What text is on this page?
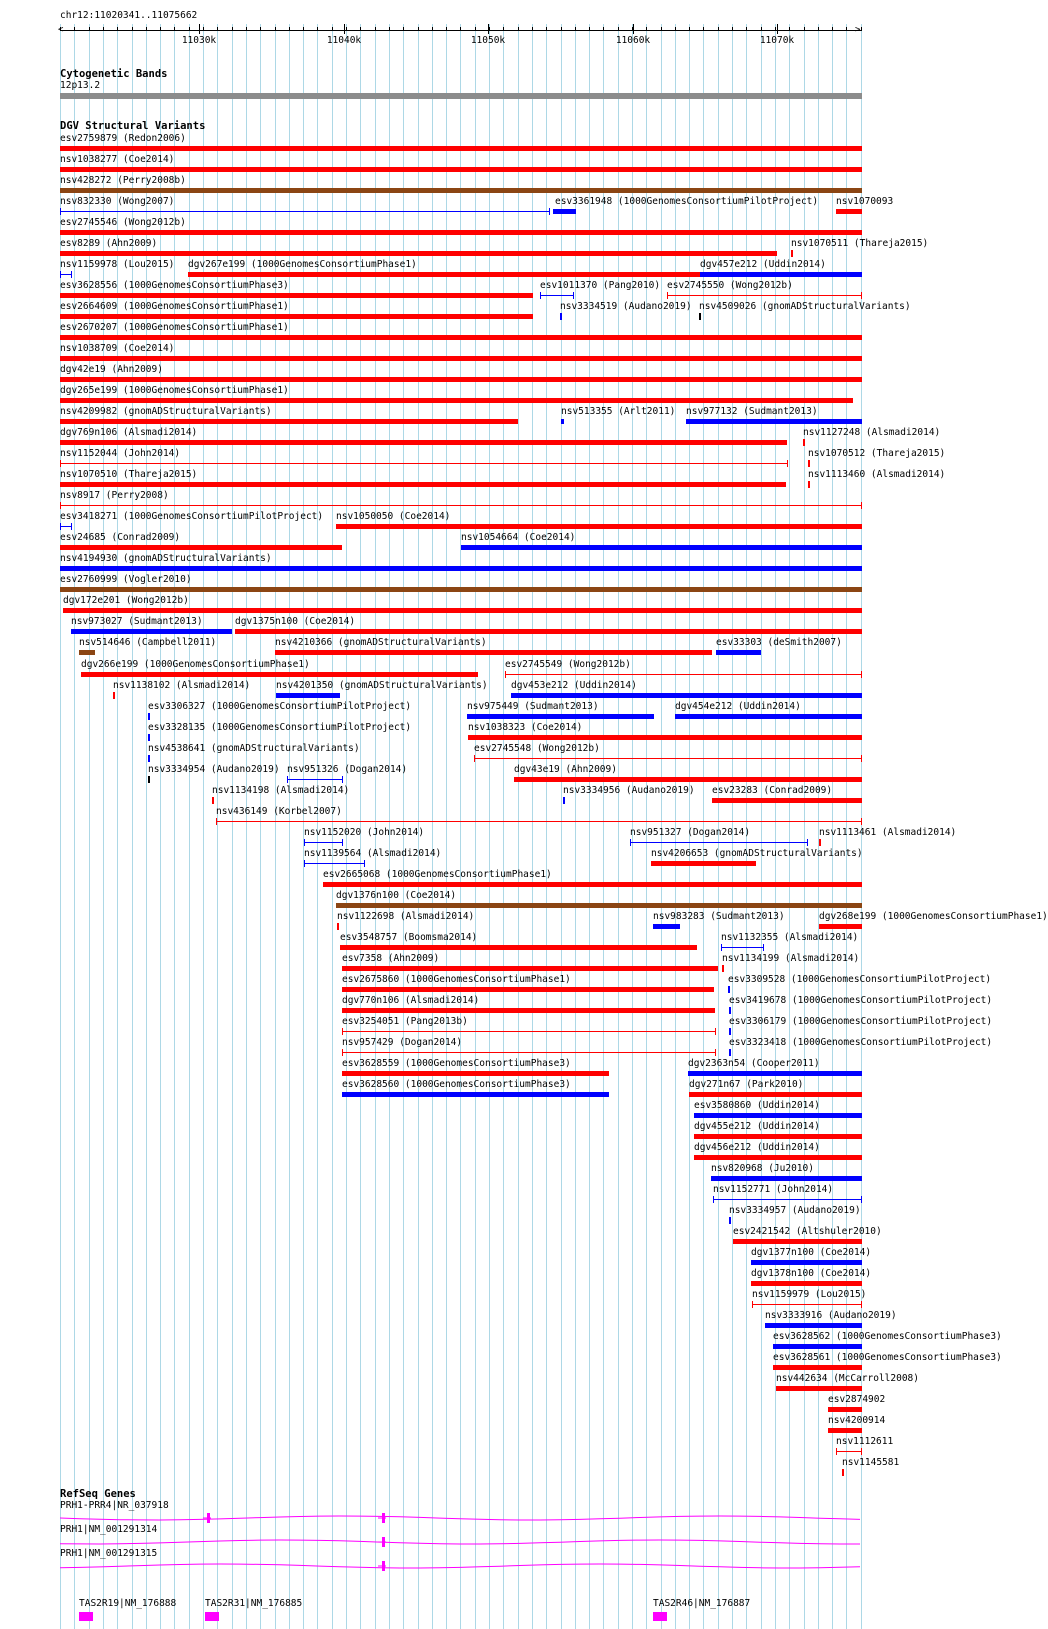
chr12:11020341..11075662
11030k	11040k	11050k	11060k	11070k
<	>
Cytogenetic Bands
12p13.2
DGV Structural Variants
esv2759879 (Redon2006)
nsv1038277 (Coe2014)
nsv428272 (Perry2008b)
nsv832330 (Wong2007)	esv3361948 (1000GenomesConsortiumPilotProject) nsv1070093
esv2745546 (Wong2012b)
esv8289 (Ahn2009)	nsv1070511 (Thareja2015)
nsv1159978 (Lou2015) dgv267e199 (1000GenomesConsortiumPhase1)	dgv457e212 (Uddin2014)
esv3628556 (1000GenomesConsortiumPhase3)	esv1011370 (Pang2010) esv2745550 (Wong2012b)
esv2664609 (1000GenomesConsortiumPhase1)	nsv3334519 (Audano2019) nsv4509026 (gnomADStructuralVariants)
esv2670207 (1000GenomesConsortiumPhase1)
nsv1038709 (Coe2014)
dgv42e19 (Ahn2009)
dgv265e199 (1000GenomesConsortiumPhase1)
nsv4209982 (gnomADStructuralVariants)	nsv513355 (Arlt2011) nsv977132 (Sudmant2013)
dgv769n106 (Alsmadi2014)	nsv1127248 (Alsmadi2014)
nsv1152044 (John2014)	nsv1070512 (Thareja2015)
nsv1070510 (Thareja2015)	nsv1113460 (Alsmadi2014)
nsv8917 (Perry2008)
esv3418271 (1000GenomesConsortiumPilotProject) nsv1050050 (Coe2014)
esv24685 (Conrad2009)	nsv1054664 (Coe2014)
nsv4194930 (gnomADStructuralVariants)
esv2760999 (Vogler2010)
dgv172e201 (Wong2012b)
nsv973027 (Sudmant2013)	dgv1375n100 (Coe2014)
nsv514646 (Campbell2011)	nsv4210366 (gnomADStructuralVariants)	esv33303 (deSmith2007)
dgv266e199 (1000GenomesConsortiumPhase1)	esv2745549 (Wong2012b)
nsv1138102 (Alsmadi2014)	nsv4201350 (gnomADStructuralVariants) dgv453e212 (Uddin2014)
esv3306327 (1000GenomesConsortiumPilotProject)	nsv975449 (Sudmant2013)	dgv454e212 (Uddin2014)
esv3328135 (1000GenomesConsortiumPilotProject)	nsv1038323 (Coe2014)
nsv4538641 (gnomADStructuralVariants)	esv2745548 (Wong2012b)
nsv3334954 (Audano2019) nsv951326 (Dogan2014)	dgv43e19 (Ahn2009)
nsv1134198 (Alsmadi2014)	nsv3334956 (Audano2019) esv23283 (Conrad2009)
nsv436149 (Korbel2007)
nsv1152020 (John2014)	nsv951327 (Dogan2014)	nsv1113461 (Alsmadi2014)
nsv1139564 (Alsmadi2014)	nsv4206653 (gnomADStructuralVariants)
esv2665068 (1000GenomesConsortiumPhase1)
dgv1376n100 (Coe2014)
nsv1122698 (Alsmadi2014)	nsv983283 (Sudmant2013)	dgv268e199 (1000GenomesConsortiumPhase1)
esv3548757 (Boomsma2014)	nsv1132355 (Alsmadi2014)
esv7358 (Ahn2009)	nsv1134199 (Alsmadi2014)
esv2675860 (1000GenomesConsortiumPhase1)	esv3309528 (1000GenomesConsortiumPilotProject)
dgv770n106 (Alsmadi2014)	esv3419678 (1000GenomesConsortiumPilotProject)
esv3254051 (Pang2013b)	esv3306179 (1000GenomesConsortiumPilotProject)
nsv957429 (Dogan2014)	esv3323418 (1000GenomesConsortiumPilotProject)
esv3628559 (1000GenomesConsortiumPhase3)	dgv2363n54 (Cooper2011)
esv3628560 (1000GenomesConsortiumPhase3)	dgv271n67 (Park2010)
esv3580860 (Uddin2014)
dgv455e212 (Uddin2014)
dgv456e212 (Uddin2014)
nsv820968 (Ju2010)
nsv1152771 (John2014)
nsv3334957 (Audano2019)
esv2421542 (Altshuler2010)
dgv1377n100 (Coe2014)
dgv1378n100 (Coe2014)
nsv1159979 (Lou2015)
nsv3333916 (Audano2019)
esv3628562 (1000GenomesConsortiumPhase3)
esv3628561 (1000GenomesConsortiumPhase3)
nsv442634 (McCarroll2008)
esv2874902
nsv4200914
nsv1112611
nsv1145581
RefSeq Genes
PRH1-PRR4|NR_037918
PRH1|NM_001291314
PRH1|NM_001291315
TAS2R19|NM_176888	TAS2R31|NM_176885	TAS2R46|NM_176887
